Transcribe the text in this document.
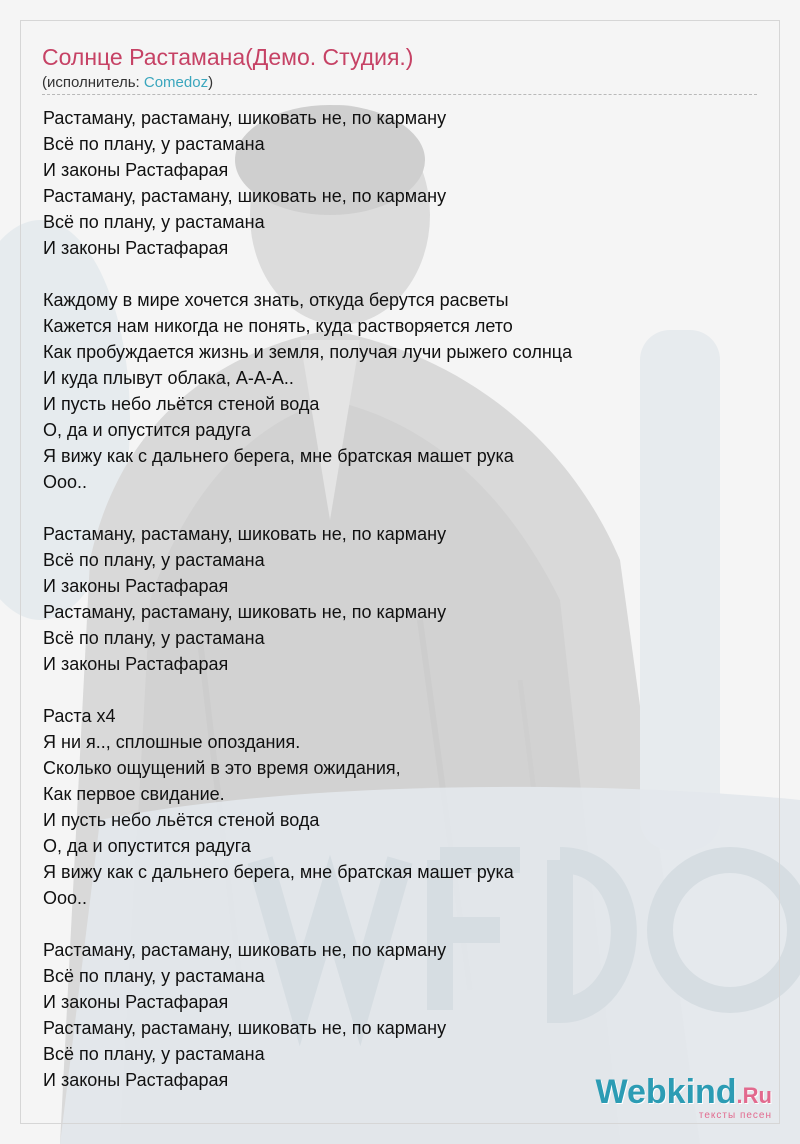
Солнце Растамана(Демо. Студия.)
(исполнитель: Comedoz)
Растаману, растаману, шиковать не, по карману
Всё по плану, у растамана
И законы Растафарая
Растаману, растаману, шиковать не, по карману
Всё по плану, у растамана
И законы Растафарая
Каждому в мире хочется знать, откуда берутся расветы
Кажется нам никогда не понять, куда растворяется лето
Как пробуждается жизнь и земля, получая лучи рыжего солнца
И куда плывут облака, А-А-А..
И пусть небо льётся стеной вода
О, да и опустится радуга
Я вижу как с дальнего берега, мне братская машет рука
Ооо..
Растаману, растаману, шиковать не, по карману
Всё по плану, у растамана
И законы Растафарая
Растаману, растаману, шиковать не, по карману
Всё по плану, у растамана
И законы Растафарая
Раста х4
Я ни я.., сплошные опоздания.
Сколько ощущений в это время ожидания,
Как первое свидание.
И пусть небо льётся стеной вода
О, да и опустится радуга
Я вижу как с дальнего берега, мне братская машет рука
Ооо..
Растаману, растаману, шиковать не, по карману
Всё по плану, у растамана
И законы Растафарая
Растаману, растаману, шиковать не, по карману
Всё по плану, у растамана
И законы Растафарая	Webkind.Ru
тексты песен
